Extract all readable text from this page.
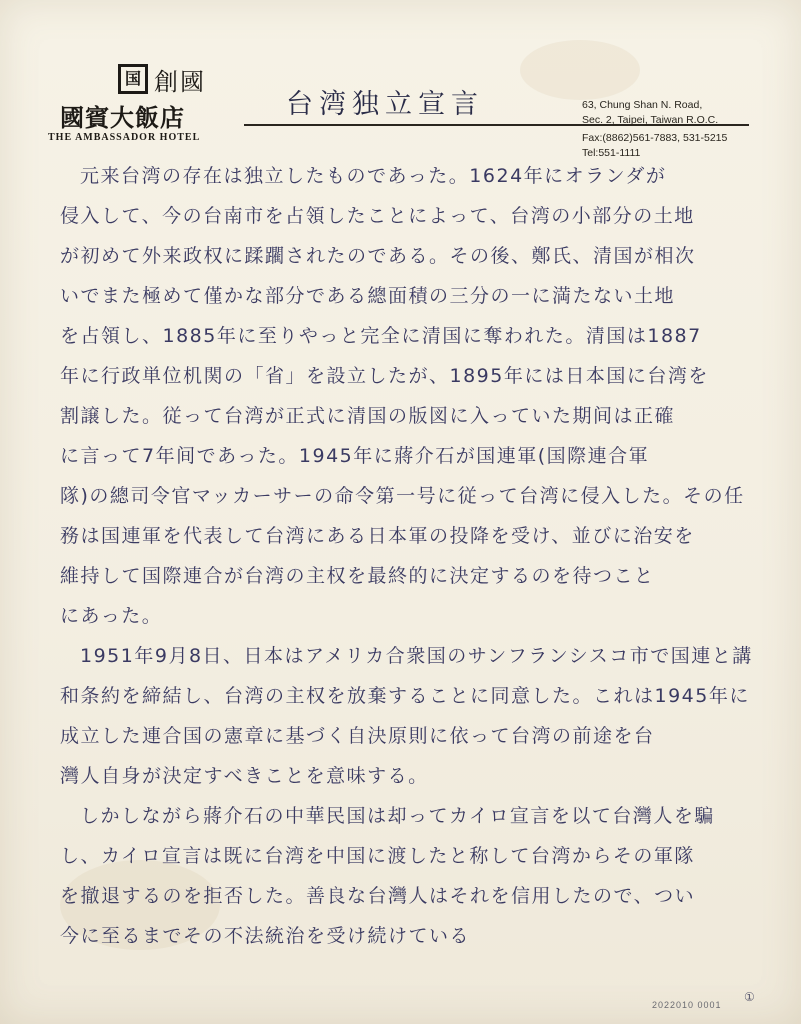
国 創國
國賓大飯店
THE AMBASSADOR HOTEL
台湾独立宣言	63, Chung Shan N. Road,
Sec. 2, Taipei, Taiwan R.O.C.
Fax:(8862)561-7883, 531-5215
Tel:551-1111
元来台湾の存在は独立したものであった。1624年にオランダが
侵入して、今の台南市を占領したことによって、台湾の小部分の土地
が初めて外来政权に蹂躙されたのである。その後、鄭氏、清国が相次
いでまた極めて僅かな部分である總面積の三分の一に満たない土地
を占領し、1885年に至りやっと完全に清国に奪われた。清国は1887
年に行政単位机関の「省」を設立したが、1895年には日本国に台湾を
割譲した。従って台湾が正式に清国の版図に入っていた期间は正確
に言って7年间であった。1945年に蔣介石が国連軍(国際連合軍
隊)の總司令官マッカーサーの命令第一号に従って台湾に侵入した。その任
務は国連軍を代表して台湾にある日本軍の投降を受け、並びに治安を
維持して国際連合が台湾の主权を最終的に決定するのを待つこと
にあった。
1951年9月8日、日本はアメリカ合衆国のサンフランシスコ市で国連と講
和条約を締結し、台湾の主权を放棄することに同意した。これは1945年に
成立した連合国の憲章に基づく自決原則に依って台湾の前途を台
灣人自身が決定すべきことを意味する。
しかしながら蔣介石の中華民国は却ってカイロ宣言を以て台灣人を騙
し、カイロ宣言は既に台湾を中国に渡したと称して台湾からその軍隊
を撤退するのを拒否した。善良な台灣人はそれを信用したので、つい
今に至るまでその不法統治を受け続けている
2022010 0001
①
